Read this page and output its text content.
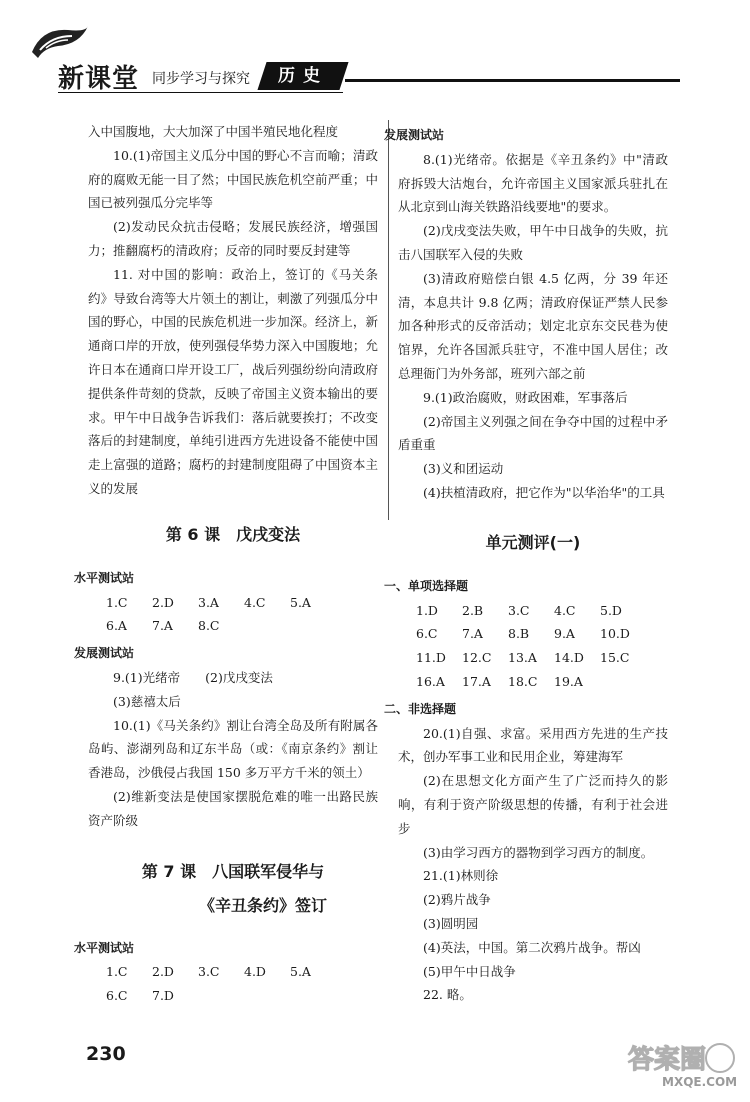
新课堂 同步学习与探究	历史

入中国腹地，大大加深了中国半殖民地化程度

10.(1)帝国主义瓜分中国的野心不言而喻；清政府的腐败无能一目了然；中国民族危机空前严重；中国已被列强瓜分完毕等

(2)发动民众抗击侵略；发展民族经济，增强国力；推翻腐朽的清政府；反帝的同时要反封建等

11. 对中国的影响：政治上，签订的《马关条约》导致台湾等大片领土的割让，刺激了列强瓜分中国的野心，中国的民族危机进一步加深。经济上，新通商口岸的开放，使列强侵华势力深入中国腹地；允许日本在通商口岸开设工厂，战后列强纷纷向清政府提供条件苛刻的贷款，反映了帝国主义资本输出的要求。甲午中日战争告诉我们：落后就要挨打；不改变落后的封建制度，单纯引进西方先进设备不能使中国走上富强的道路；腐朽的封建制度阻碍了中国资本主义的发展

第 6 课　戊戌变法
水平测试站
1.C 2.D 3.A 4.C 5.A
6.A 7.A 8.C
发展测试站

9.(1)光绪帝　　(2)戊戌变法

(3)慈禧太后

10.(1)《马关条约》割让台湾全岛及所有附属各岛屿、澎湖列岛和辽东半岛（或：《南京条约》割让香港岛，沙俄侵占我国 150 多万平方千米的领土）

(2)维新变法是使国家摆脱危难的唯一出路民族资产阶级

第 7 课　八国联军侵华与
《辛丑条约》签订
水平测试站
1.C 2.D 3.C 4.D 5.A
6.C 7.D
发展测试站

8.(1)光绪帝。依据是《辛丑条约》中"清政府拆毁大沽炮台，允许帝国主义国家派兵驻扎在从北京到山海关铁路沿线要地"的要求。

(2)戊戌变法失败，甲午中日战争的失败，抗击八国联军入侵的失败

(3)清政府赔偿白银 4.5 亿两，分 39 年还清，本息共计 9.8 亿两；清政府保证严禁人民参加各种形式的反帝活动；划定北京东交民巷为使馆界，允许各国派兵驻守，不准中国人居住；改总理衙门为外务部，班列六部之前

9.(1)政治腐败，财政困难，军事落后

(2)帝国主义列强之间在争夺中国的过程中矛盾重重

(3)义和团运动

(4)扶植清政府，把它作为"以华治华"的工具

单元测评(一)
一、单项选择题
1.D 2.B 3.C 4.C 5.D
6.C 7.A 8.B 9.A 10.D
11.D 12.C 13.A 14.D 15.C
16.A 17.A 18.C 19.A
二、非选择题

20.(1)自强、求富。采用西方先进的生产技术，创办军事工业和民用企业，筹建海军

(2)在思想文化方面产生了广泛而持久的影响，有利于资产阶级思想的传播，有利于社会进步

(3)由学习西方的器物到学习西方的制度。

21.(1)林则徐

(2)鸦片战争

(3)圆明园

(4)英法，中国。第二次鸦片战争。帮凶

(5)甲午中日战争

22. 略。

230	答案圈
MXQE.COM
